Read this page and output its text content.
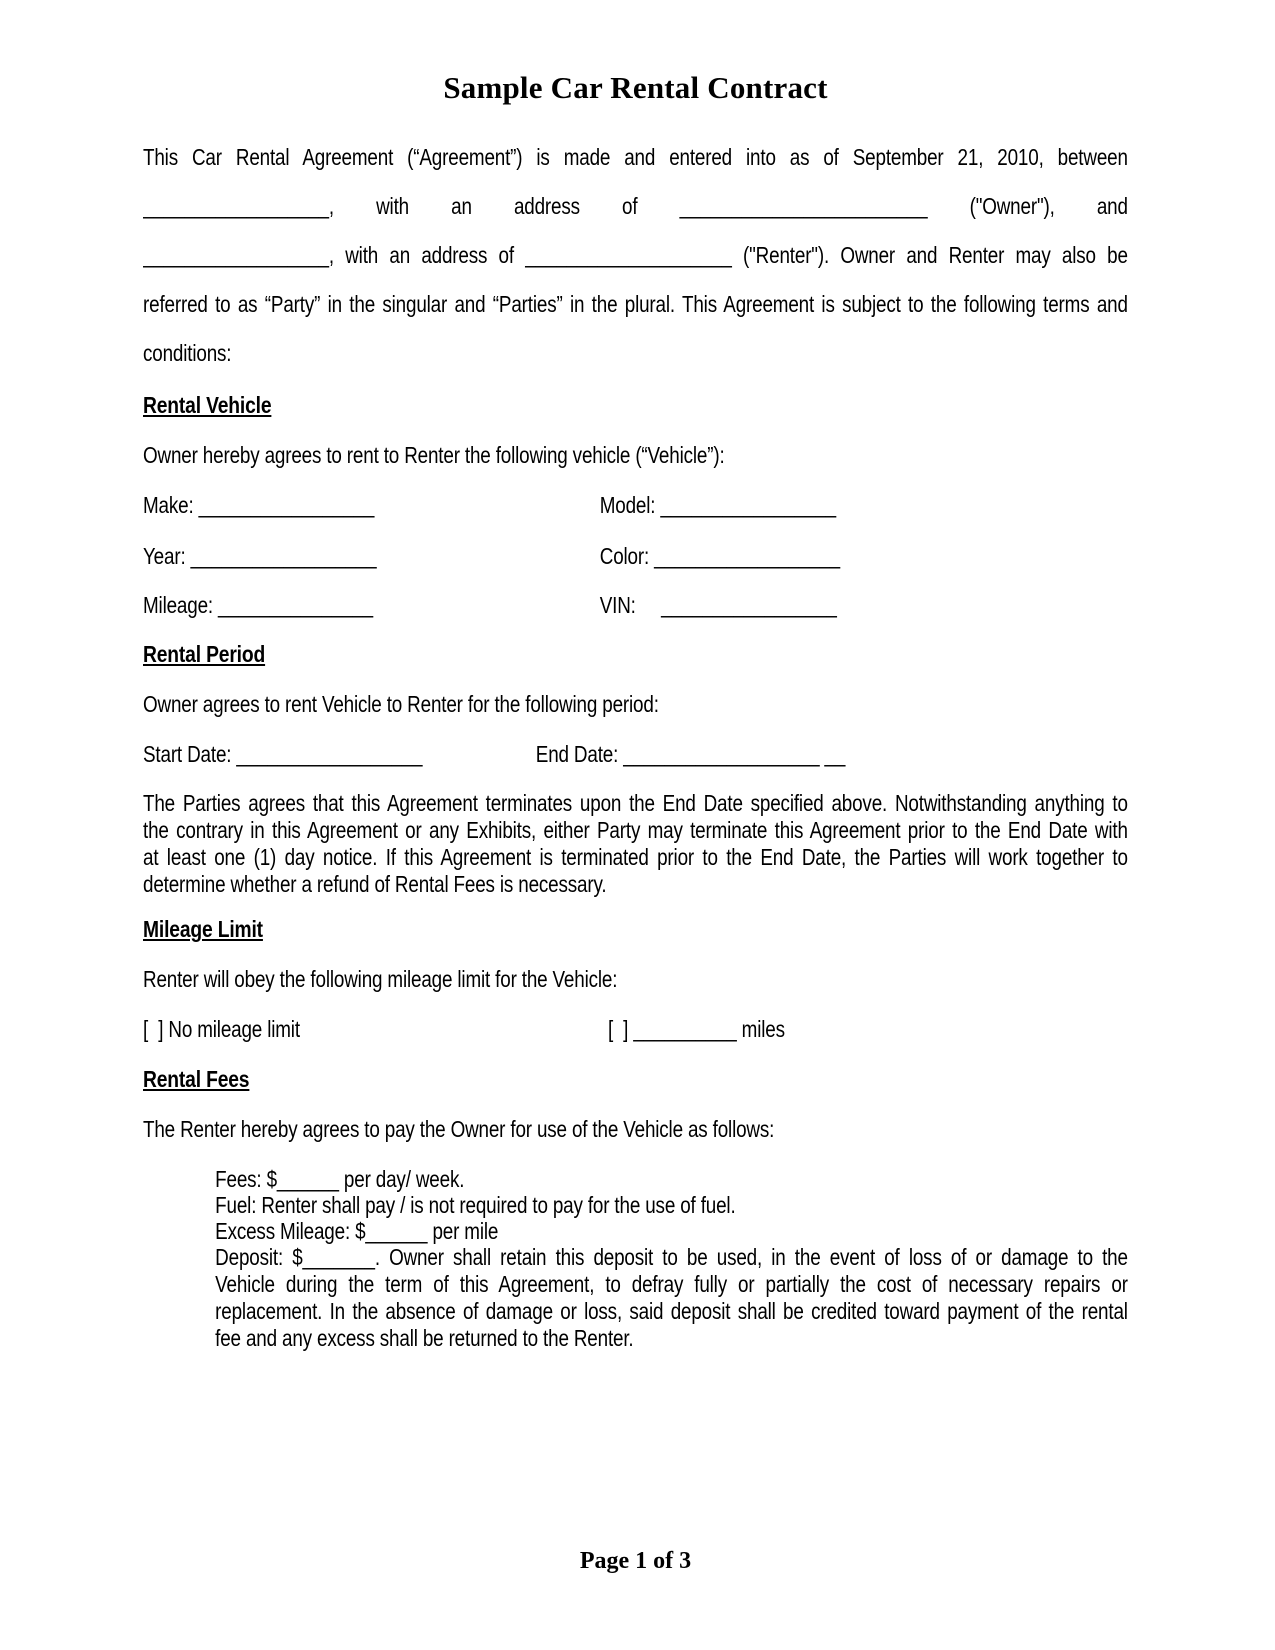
Sample Car Rental Contract
This Car Rental Agreement (“Agreement”) is made and entered into as of September 21, 2010, between
__________________, with an address of ________________________ ("Owner"), and
__________________, with an address of ____________________ ("Renter"). Owner and Renter may also be
referred to as “Party” in the singular and “Parties” in the plural. This Agreement is subject to the following terms and
conditions:
Rental Vehicle
Owner hereby agrees to rent to Renter the following vehicle (“Vehicle”):
Make: _________________	Model: _________________
Year: __________________	Color: __________________
Mileage: _______________	VIN:     _________________
Rental Period
Owner agrees to rent Vehicle to Renter for the following period:
Start Date: __________________	End Date: ___________________ __
The Parties agrees that this Agreement terminates upon the End Date specified above. Notwithstanding anything to
the contrary in this Agreement or any Exhibits, either Party may terminate this Agreement prior to the End Date with
at least one (1) day notice. If this Agreement is terminated prior to the End Date, the Parties will work together to
determine whether a refund of Rental Fees is necessary.
Mileage Limit
Renter will obey the following mileage limit for the Vehicle:
[  ] No mileage limit	[  ] __________ miles
Rental Fees
The Renter hereby agrees to pay the Owner for use of the Vehicle as follows:
Fees: $______ per day/ week.
Fuel: Renter shall pay / is not required to pay for the use of fuel.
Excess Mileage: $______ per mile
Deposit: $_______. Owner shall retain this deposit to be used, in the event of loss of or damage to the
Vehicle during the term of this Agreement, to defray fully or partially the cost of necessary repairs or
replacement. In the absence of damage or loss, said deposit shall be credited toward payment of the rental
fee and any excess shall be returned to the Renter.
Page 1 of 3
